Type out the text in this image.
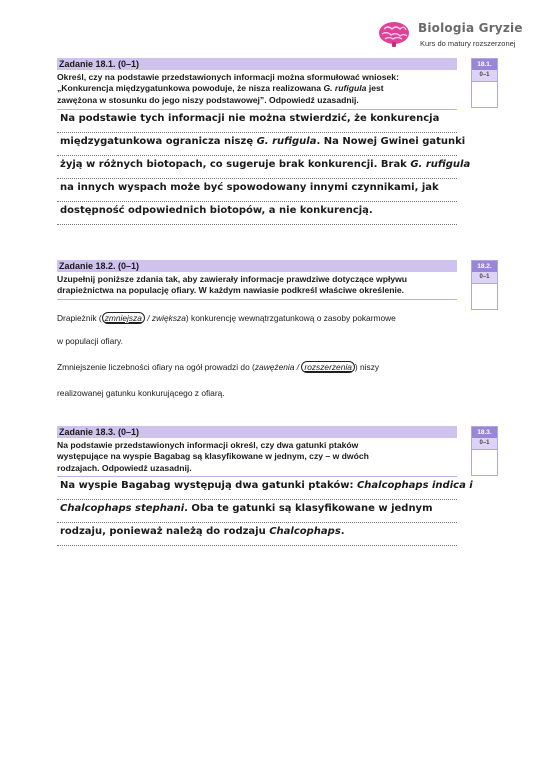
Biologia Gryzie
Kurs do matury rozszerzonej
Zadanie 18.1. (0–1)
Określ, czy na podstawie przedstawionych informacji można sformułować wniosek:
„Konkurencja międzygatunkowa powoduje, że nisza realizowana G. rufigula jest
zawężona w stosunku do jego niszy podstawowej”. Odpowiedź uzasadnij.
Na podstawie tych informacji nie można stwierdzić, że konkurencja
międzygatunkowa ogranicza niszę G. rufigula. Na Nowej Gwinei gatunki
żyją w różnych biotopach, co sugeruje brak konkurencji. Brak G. rufigula
na innych wyspach może być spowodowany innymi czynnikami, jak
dostępność odpowiednich biotopów, a nie konkurencją.
18.1.
0–1
Zadanie 18.2. (0–1)
Uzupełnij poniższe zdania tak, aby zawierały informacje prawdziwe dotyczące wpływu
drapieżnictwa na populację ofiary. W każdym nawiasie podkreśl właściwe określenie.
Drapieżnik ( zmniejsza / zwiększa) konkurencję wewnątrzgatunkową o zasoby pokarmowe
w populacji ofiary.
Zmniejszenie liczebności ofiary na ogół prowadzi do (zawężenia / rozszerzenia ) niszy
realizowanej gatunku konkurującego z ofiarą.
18.2.
0–1
Zadanie 18.3. (0–1)
Na podstawie przedstawionych informacji określ, czy dwa gatunki ptaków
występujące na wyspie Bagabag są klasyfikowane w jednym, czy – w dwóch
rodzajach. Odpowiedź uzasadnij.
Na wyspie Bagabag występują dwa gatunki ptaków: Chalcophaps indica i
Chalcophaps stephani. Oba te gatunki są klasyfikowane w jednym
rodzaju, ponieważ należą do rodzaju Chalcophaps.
18.3.
0–1
